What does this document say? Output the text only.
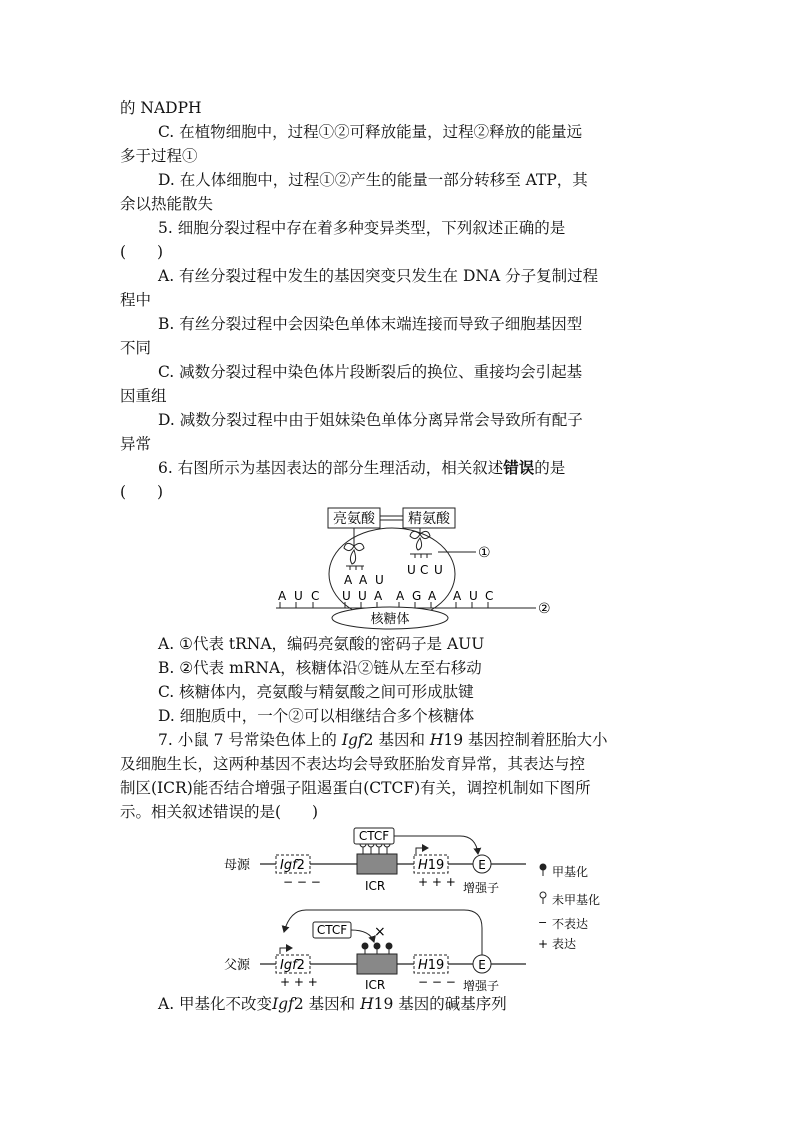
的 NADPH
C. 在植物细胞中，过程①②可释放能量，过程②释放的能量远
多于过程①
D. 在人体细胞中，过程①②产生的能量一部分转移至 ATP，其
余以热能散失
5. 细胞分裂过程中存在着多种变异类型，下列叙述正确的是
(　　)
A. 有丝分裂过程中发生的基因突变只发生在 DNA 分子复制过程
程中
B. 有丝分裂过程中会因染色单体末端连接而导致子细胞基因型
不同
C. 减数分裂过程中染色体片段断裂后的换位、重接均会引起基
因重组
D. 减数分裂过程中由于姐妹染色单体分离异常会导致所有配子
异常
6. 右图所示为基因表达的部分生理活动，相关叙述错误的是
(　　)
亮氨酸 精氨酸
①
A A U
U C U
A U C U U A A G A A U C
②
核糖体
A. ①代表 tRNA，编码亮氨酸的密码子是 AUU
B. ②代表 mRNA，核糖体沿②链从左至右移动
C. 核糖体内，亮氨酸与精氨酸之间可形成肽键
D. 细胞质中，一个②可以相继结合多个核糖体
7. 小鼠 7 号常染色体上的 Igf2 基因和 H19 基因控制着胚胎大小
及细胞生长，这两种基因不表达均会导致胚胎发育异常，其表达与控
制区(ICR)能否结合增强子阻遏蛋白(CTCF)有关，调控机制如下图所
示。相关叙述错误的是(　　)
母源 Igf2
− − −
CTCF
ICR
H19
+ + +
E
增强子
甲基化
未甲基化
− 不表达
+ 表达
CTCF ×
父源 Igf2
+ + +	ICR
H19
− − −
E
增强子
A. 甲基化不改变Igf2 基因和 H19 基因的碱基序列
